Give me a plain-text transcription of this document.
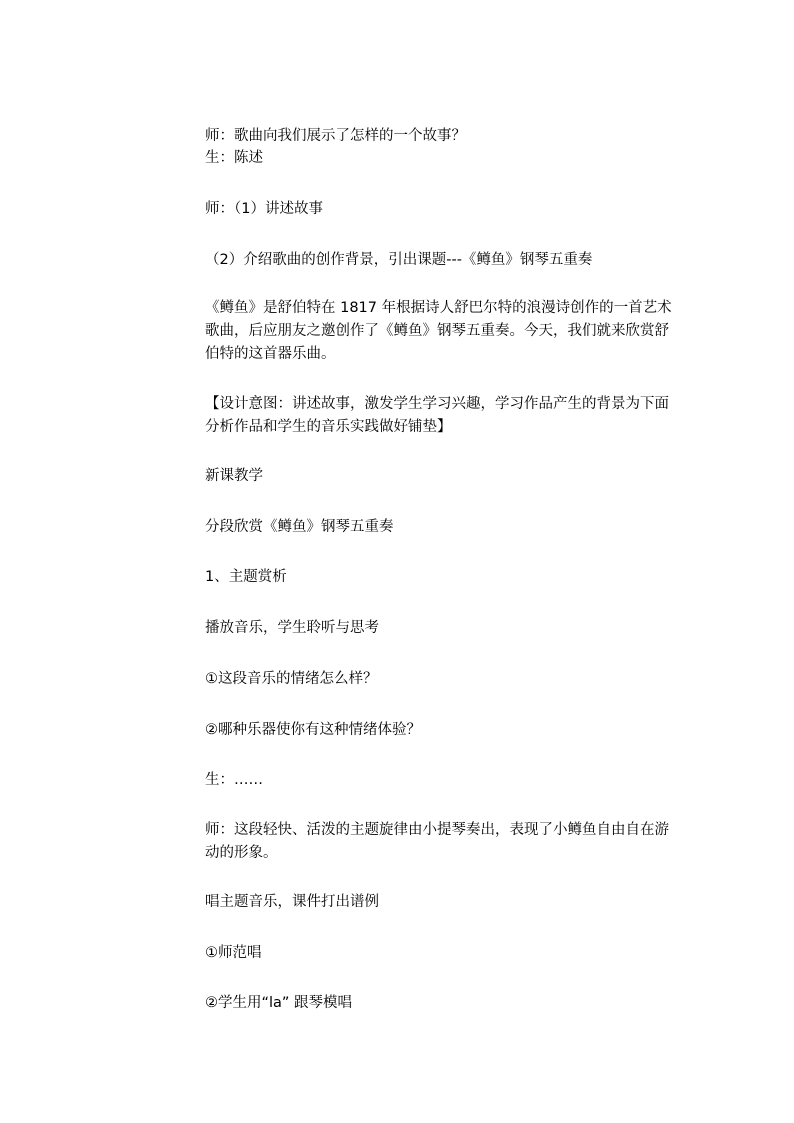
师：歌曲向我们展示了怎样的一个故事？

生：陈述

师：（1）讲述故事

（2）介绍歌曲的创作背景，引出课题---《鳟鱼》钢琴五重奏

《鳟鱼》是舒伯特在 1817 年根据诗人舒巴尔特的浪漫诗创作的一首艺术歌曲，后应朋友之邀创作了《鳟鱼》钢琴五重奏。今天，我们就来欣赏舒伯特的这首器乐曲。

【设计意图：讲述故事，激发学生学习兴趣，学习作品产生的背景为下面分析作品和学生的音乐实践做好铺垫】

新课教学

分段欣赏《鳟鱼》钢琴五重奏

1、主题赏析

播放音乐，学生聆听与思考

①这段音乐的情绪怎么样？

②哪种乐器使你有这种情绪体验？

生：……

师：这段轻快、活泼的主题旋律由小提琴奏出，表现了小鳟鱼自由自在游动的形象。

唱主题音乐，课件打出谱例

①师范唱

②学生用“la” 跟琴模唱
